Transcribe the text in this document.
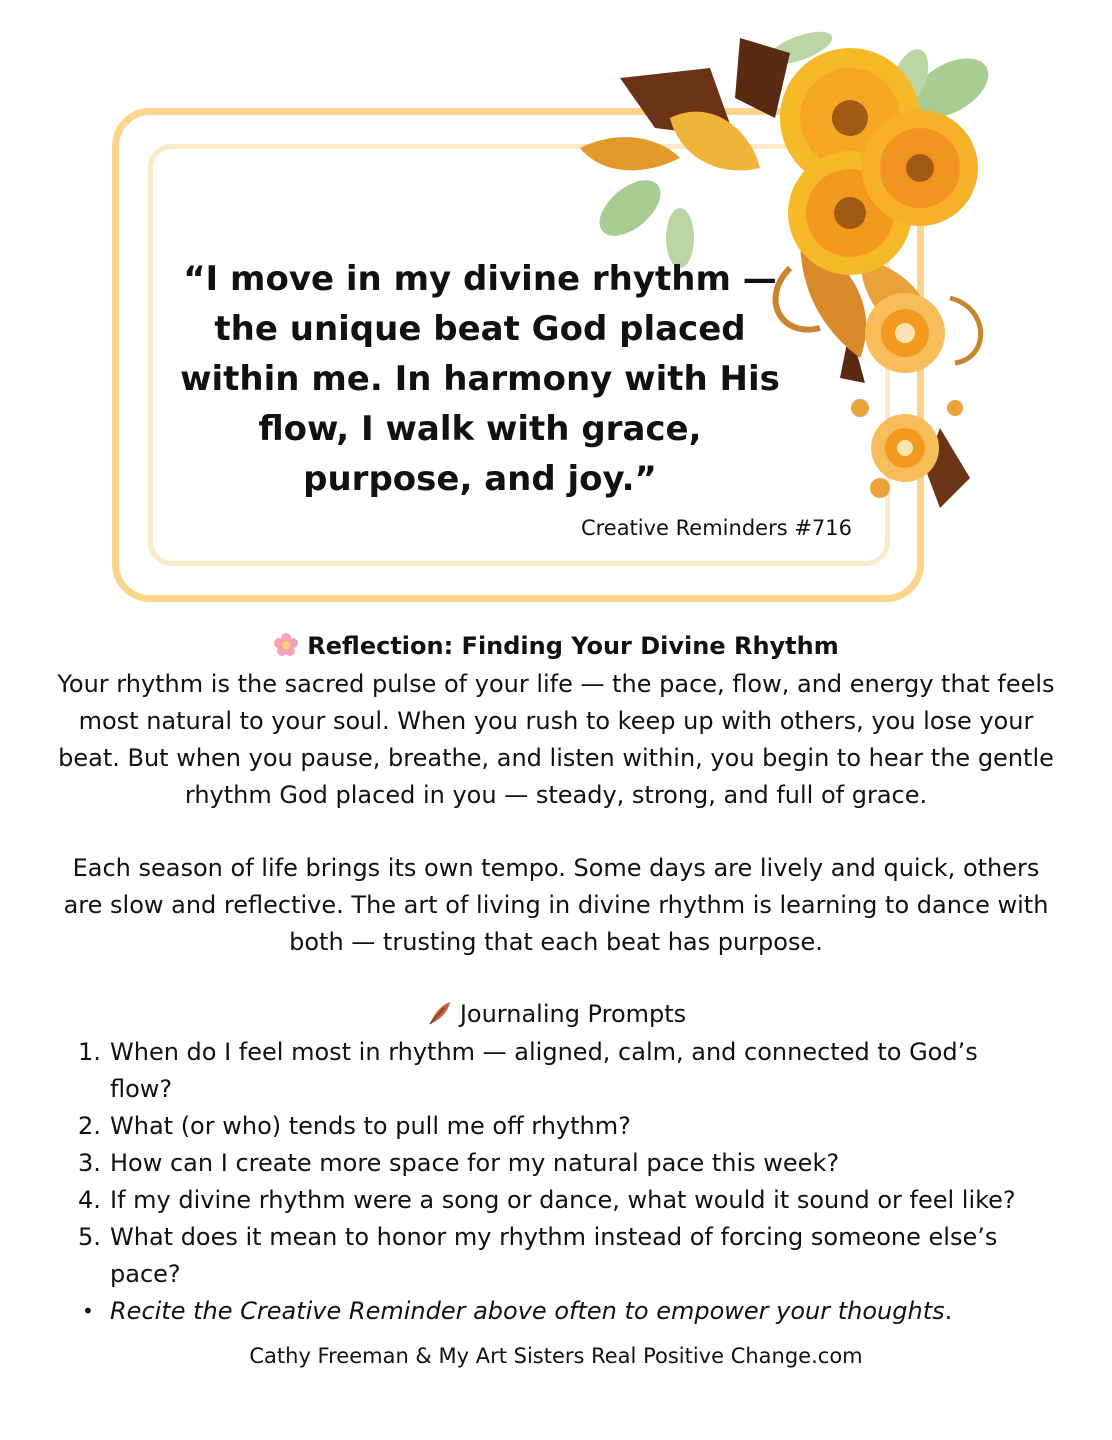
“I move in my divine rhythm — the unique beat God placed within me. In harmony with His flow, I walk with grace, purpose, and joy.”

Creative Reminders #716

Reflection: Finding Your Divine Rhythm

Your rhythm is the sacred pulse of your life — the pace, flow, and energy that feels most natural to your soul. When you rush to keep up with others, you lose your beat. But when you pause, breathe, and listen within, you begin to hear the gentle rhythm God placed in you — steady, strong, and full of grace.

Each season of life brings its own tempo. Some days are lively and quick, others are slow and reflective. The art of living in divine rhythm is learning to dance with both — trusting that each beat has purpose.

Journaling Prompts

1. When do I feel most in rhythm — aligned, calm, and connected to God’s flow?
2. What (or who) tends to pull me off rhythm?
3. How can I create more space for my natural pace this week?
4. If my divine rhythm were a song or dance, what would it sound or feel like?
5. What does it mean to honor my rhythm instead of forcing someone else’s pace?
• Recite the Creative Reminder above often to empower your thoughts.

Cathy Freeman & My Art Sisters Real Positive Change.com
